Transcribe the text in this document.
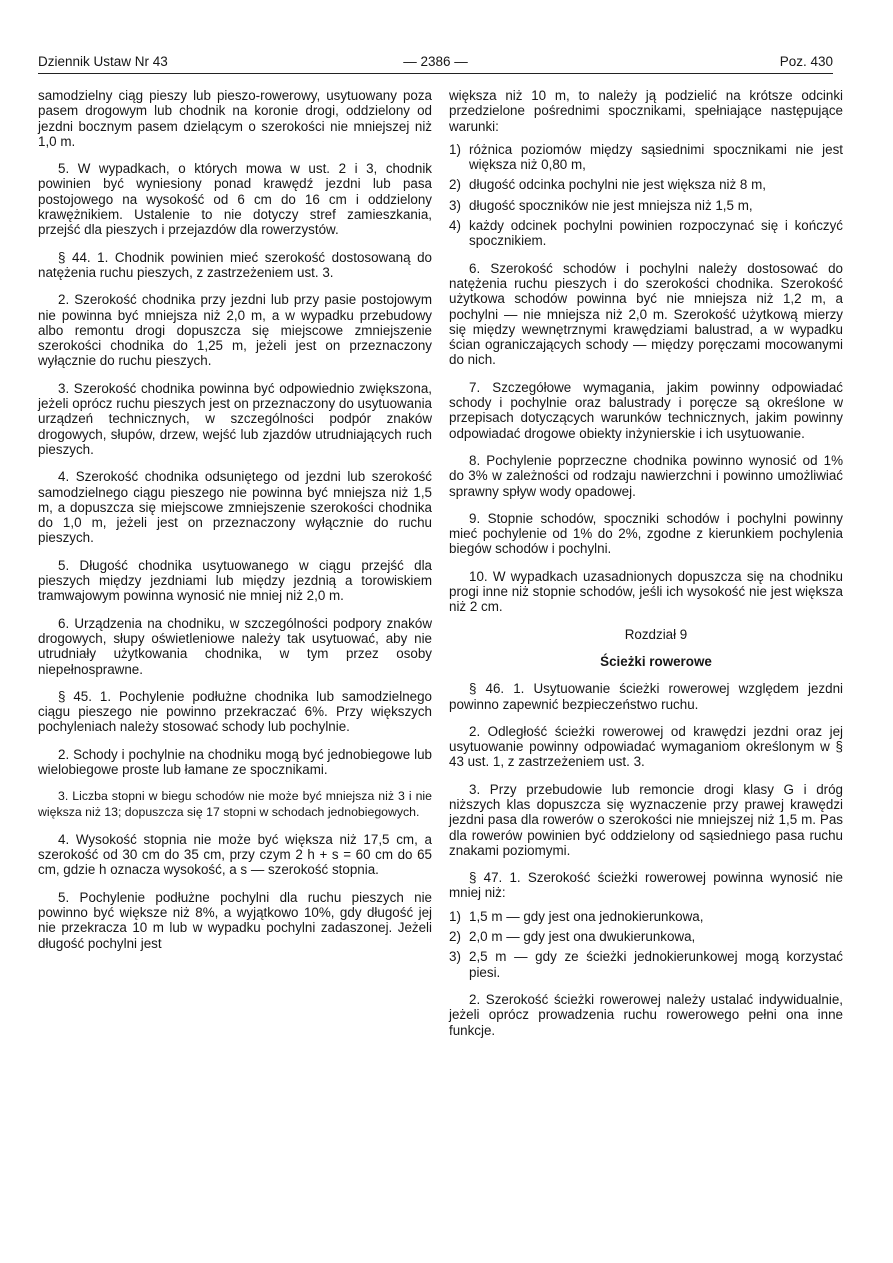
Dziennik Ustaw Nr 43	— 2386 —	Poz. 430

samodzielny ciąg pieszy lub pieszo-rowerowy, usytuowany poza pasem drogowym lub chodnik na koronie drogi, oddzielony od jezdni bocznym pasem dzielącym o szerokości nie mniejszej niż 1,0 m.

5. W wypadkach, o których mowa w ust. 2 i 3, chodnik powinien być wyniesiony ponad krawędź jezdni lub pasa postojowego na wysokość od 6 cm do 16 cm i oddzielony krawężnikiem. Ustalenie to nie dotyczy stref zamieszkania, przejść dla pieszych i przejazdów dla rowerzystów.

§ 44. 1. Chodnik powinien mieć szerokość dostosowaną do natężenia ruchu pieszych, z zastrzeżeniem ust. 3.

2. Szerokość chodnika przy jezdni lub przy pasie postojowym nie powinna być mniejsza niż 2,0 m, a w wypadku przebudowy albo remontu drogi dopuszcza się miejscowe zmniejszenie szerokości chodnika do 1,25 m, jeżeli jest on przeznaczony wyłącznie do ruchu pieszych.

3. Szerokość chodnika powinna być odpowiednio zwiększona, jeżeli oprócz ruchu pieszych jest on przeznaczony do usytuowania urządzeń technicznych, w szczególności podpór znaków drogowych, słupów, drzew, wejść lub zjazdów utrudniających ruch pieszych.

4. Szerokość chodnika odsuniętego od jezdni lub szerokość samodzielnego ciągu pieszego nie powinna być mniejsza niż 1,5 m, a dopuszcza się miejscowe zmniejszenie szerokości chodnika do 1,0 m, jeżeli jest on przeznaczony wyłącznie do ruchu pieszych.

5. Długość chodnika usytuowanego w ciągu przejść dla pieszych między jezdniami lub między jezdnią a torowiskiem tramwajowym powinna wynosić nie mniej niż 2,0 m.

6. Urządzenia na chodniku, w szczególności podpory znaków drogowych, słupy oświetleniowe należy tak usytuować, aby nie utrudniały użytkowania chodnika, w tym przez osoby niepełnosprawne.

§ 45. 1. Pochylenie podłużne chodnika lub samodzielnego ciągu pieszego nie powinno przekraczać 6%. Przy większych pochyleniach należy stosować schody lub pochylnie.

2. Schody i pochylnie na chodniku mogą być jednobiegowe lub wielobiegowe proste lub łamane ze spocznikami.

3. Liczba stopni w biegu schodów nie może być mniejsza niż 3 i nie większa niż 13; dopuszcza się 17 stopni w schodach jednobiegowych.

4. Wysokość stopnia nie może być większa niż 17,5 cm, a szerokość od 30 cm do 35 cm, przy czym 2 h + s = 60 cm do 65 cm, gdzie h oznacza wysokość, a s — szerokość stopnia.

5. Pochylenie podłużne pochylni dla ruchu pieszych nie powinno być większe niż 8%, a wyjątkowo 10%, gdy długość jej nie przekracza 10 m lub w wypadku pochylni zadaszonej. Jeżeli długość pochylni jest

większa niż 10 m, to należy ją podzielić na krótsze odcinki przedzielone pośrednimi spocznikami, spełniające następujące warunki:

1) różnica poziomów między sąsiednimi spocznikami nie jest większa niż 0,80 m,
2) długość odcinka pochylni nie jest większa niż 8 m,
3) długość spoczników nie jest mniejsza niż 1,5 m,
4) każdy odcinek pochylni powinien rozpoczynać się i kończyć spocznikiem.

6. Szerokość schodów i pochylni należy dostosować do natężenia ruchu pieszych i do szerokości chodnika. Szerokość użytkowa schodów powinna być nie mniejsza niż 1,2 m, a pochylni — nie mniejsza niż 2,0 m. Szerokość użytkową mierzy się między wewnętrznymi krawędziami balustrad, a w wypadku ścian ograniczających schody — między poręczami mocowanymi do nich.

7. Szczegółowe wymagania, jakim powinny odpowiadać schody i pochylnie oraz balustrady i poręcze są określone w przepisach dotyczących warunków technicznych, jakim powinny odpowiadać drogowe obiekty inżynierskie i ich usytuowanie.

8. Pochylenie poprzeczne chodnika powinno wynosić od 1% do 3% w zależności od rodzaju nawierzchni i powinno umożliwiać sprawny spływ wody opadowej.

9. Stopnie schodów, spoczniki schodów i pochylni powinny mieć pochylenie od 1% do 2%, zgodne z kierunkiem pochylenia biegów schodów i pochylni.

10. W wypadkach uzasadnionych dopuszcza się na chodniku progi inne niż stopnie schodów, jeśli ich wysokość nie jest większa niż 2 cm.

Rozdział 9

Ścieżki rowerowe

§ 46. 1. Usytuowanie ścieżki rowerowej względem jezdni powinno zapewnić bezpieczeństwo ruchu.

2. Odległość ścieżki rowerowej od krawędzi jezdni oraz jej usytuowanie powinny odpowiadać wymaganiom określonym w § 43 ust. 1, z zastrzeżeniem ust. 3.

3. Przy przebudowie lub remoncie drogi klasy G i dróg niższych klas dopuszcza się wyznaczenie przy prawej krawędzi jezdni pasa dla rowerów o szerokości nie mniejszej niż 1,5 m. Pas dla rowerów powinien być oddzielony od sąsiedniego pasa ruchu znakami poziomymi.

§ 47. 1. Szerokość ścieżki rowerowej powinna wynosić nie mniej niż:

1) 1,5 m — gdy jest ona jednokierunkowa,
2) 2,0 m — gdy jest ona dwukierunkowa,
3) 2,5 m — gdy ze ścieżki jednokierunkowej mogą korzystać piesi.

2. Szerokość ścieżki rowerowej należy ustalać indywidualnie, jeżeli oprócz prowadzenia ruchu rowerowego pełni ona inne funkcje.
